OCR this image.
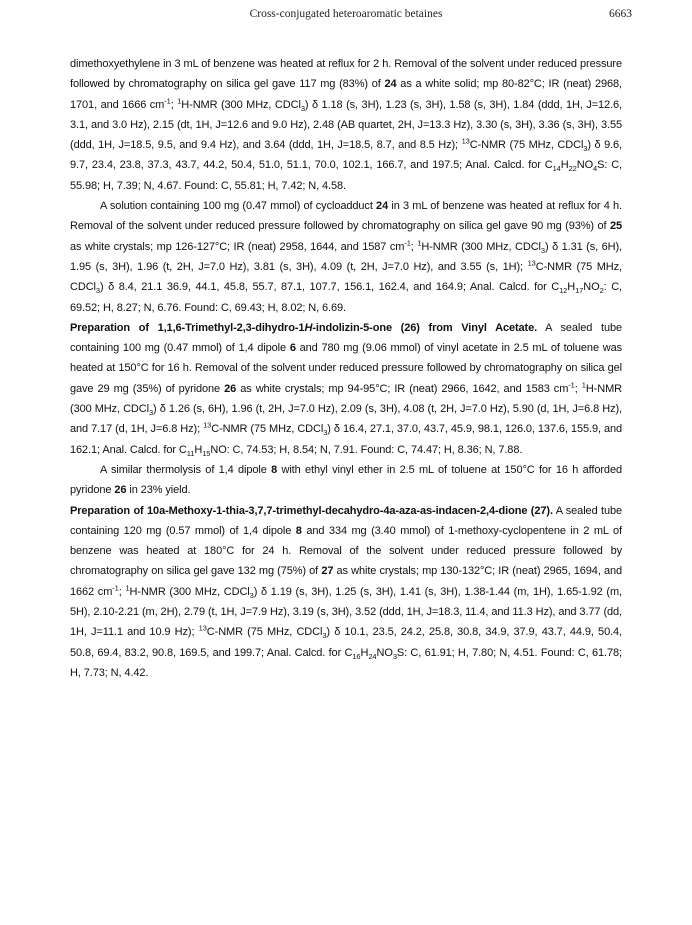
Cross-conjugated heteroaromatic betaines	6663

dimethoxyethylene in 3 mL of benzene was heated at reflux for 2 h. Removal of the solvent under reduced pressure followed by chromatography on silica gel gave 117 mg (83%) of 24 as a white solid; mp 80-82°C; IR (neat) 2968, 1701, and 1666 $cm^{-1}$; $^1$H-NMR (300 MHz, CDCl$_3$) δ 1.18 (s, 3H), 1.23 (s, 3H), 1.58 (s, 3H), 1.84 (ddd, 1H, J=12.6, 3.1, and 3.0 Hz), 2.15 (dt, 1H, J=12.6 and 9.0 Hz), 2.48 (AB quartet, 2H, J=13.3 Hz), 3.30 (s, 3H), 3.36 (s, 3H), 3.55 (ddd, 1H, J=18.5, 9.5, and 9.4 Hz), and 3.64 (ddd, 1H, J=18.5, 8.7, and 8.5 Hz); $^{13}$C-NMR (75 MHz, CDCl$_3$) δ 9.6, 9.7, 23.4, 23.8, 37.3, 43.7, 44.2, 50.4, 51.0, 51.1, 70.0, 102.1, 166.7, and 197.5; Anal. Calcd. for $C_{14}H_{22}NO_4S$: C, 55.98; H, 7.39; N, 4.67. Found: C, 55.81; H, 7.42; N, 4.58.

A solution containing 100 mg (0.47 mmol) of cycloadduct 24 in 3 mL of benzene was heated at reflux for 4 h. Removal of the solvent under reduced pressure followed by chromatography on silica gel gave 90 mg (93%) of 25 as white crystals; mp 126-127°C; IR (neat) 2958, 1644, and 1587 $cm^{-1}$; $^1$H-NMR (300 MHz, CDCl$_3$) δ 1.31 (s, 6H), 1.95 (s, 3H), 1.96 (t, 2H, J=7.0 Hz), 3.81 (s, 3H), 4.09 (t, 2H, J=7.0 Hz), and 3.55 (s, 1H); $^{13}$C-NMR (75 MHz, CDCl$_3$) δ 8.4, 21.1 36.9, 44.1, 45.8, 55.7, 87.1, 107.7, 156.1, 162.4, and 164.9; Anal. Calcd. for $C_{12}H_{17}NO_2$: C, 69.52; H, 8.27; N, 6.76. Found: C, 69.43; H, 8.02; N, 6.69.

Preparation of 1,1,6-Trimethyl-2,3-dihydro-1H-indolizin-5-one (26) from Vinyl Acetate. A sealed tube containing 100 mg (0.47 mmol) of 1,4 dipole 6 and 780 mg (9.06 mmol) of vinyl acetate in 2.5 mL of toluene was heated at 150°C for 16 h. Removal of the solvent under reduced pressure followed by chromatography on silica gel gave 29 mg (35%) of pyridone 26 as white crystals; mp 94-95°C; IR (neat) 2966, 1642, and 1583 $cm^{-1}$; $^1$H-NMR (300 MHz, CDCl$_3$) δ 1.26 (s, 6H), 1.96 (t, 2H, J=7.0 Hz), 2.09 (s, 3H), 4.08 (t, 2H, J=7.0 Hz), 5.90 (d, 1H, J=6.8 Hz), and 7.17 (d, 1H, J=6.8 Hz); $^{13}$C-NMR (75 MHz, CDCl$_3$) δ 16.4, 27.1, 37.0, 43.7, 45.9, 98.1, 126.0, 137.6, 155.9, and 162.1; Anal. Calcd. for $C_{11}H_{15}NO$: C, 74.53; H, 8.54; N, 7.91. Found: C, 74.47; H, 8.36; N, 7.88.

A similar thermolysis of 1,4 dipole 8 with ethyl vinyl ether in 2.5 mL of toluene at 150°C for 16 h afforded pyridone 26 in 23% yield.

Preparation of 10a-Methoxy-1-thia-3,7,7-trimethyl-decahydro-4a-aza-as-indacen-2,4-dione (27). A sealed tube containing 120 mg (0.57 mmol) of 1,4 dipole 8 and 334 mg (3.40 mmol) of 1-methoxy-cyclopentene in 2 mL of benzene was heated at 180°C for 24 h. Removal of the solvent under reduced pressure followed by chromatography on silica gel gave 132 mg (75%) of 27 as white crystals; mp 130-132°C; IR (neat) 2965, 1694, and 1662 $cm^{-1}$; $^1$H-NMR (300 MHz, CDCl$_3$) δ 1.19 (s, 3H), 1.25 (s, 3H), 1.41 (s, 3H), 1.38-1.44 (m, 1H), 1.65-1.92 (m, 5H), 2.10-2.21 (m, 2H), 2.79 (t, 1H, J=7.9 Hz), 3.19 (s, 3H), 3.52 (ddd, 1H, J=18.3, 11.4, and 11.3 Hz), and 3.77 (dd, 1H, J=11.1 and 10.9 Hz); $^{13}$C-NMR (75 MHz, CDCl$_3$) δ 10.1, 23.5, 24.2, 25.8, 30.8, 34.9, 37.9, 43.7, 44.9, 50.4, 50.8, 69.4, 83.2, 90.8, 169.5, and 199.7; Anal. Calcd. for $C_{16}H_{24}NO_3S$: C, 61.91; H, 7.80; N, 4.51. Found: C, 61.78; H, 7.73; N, 4.42.
